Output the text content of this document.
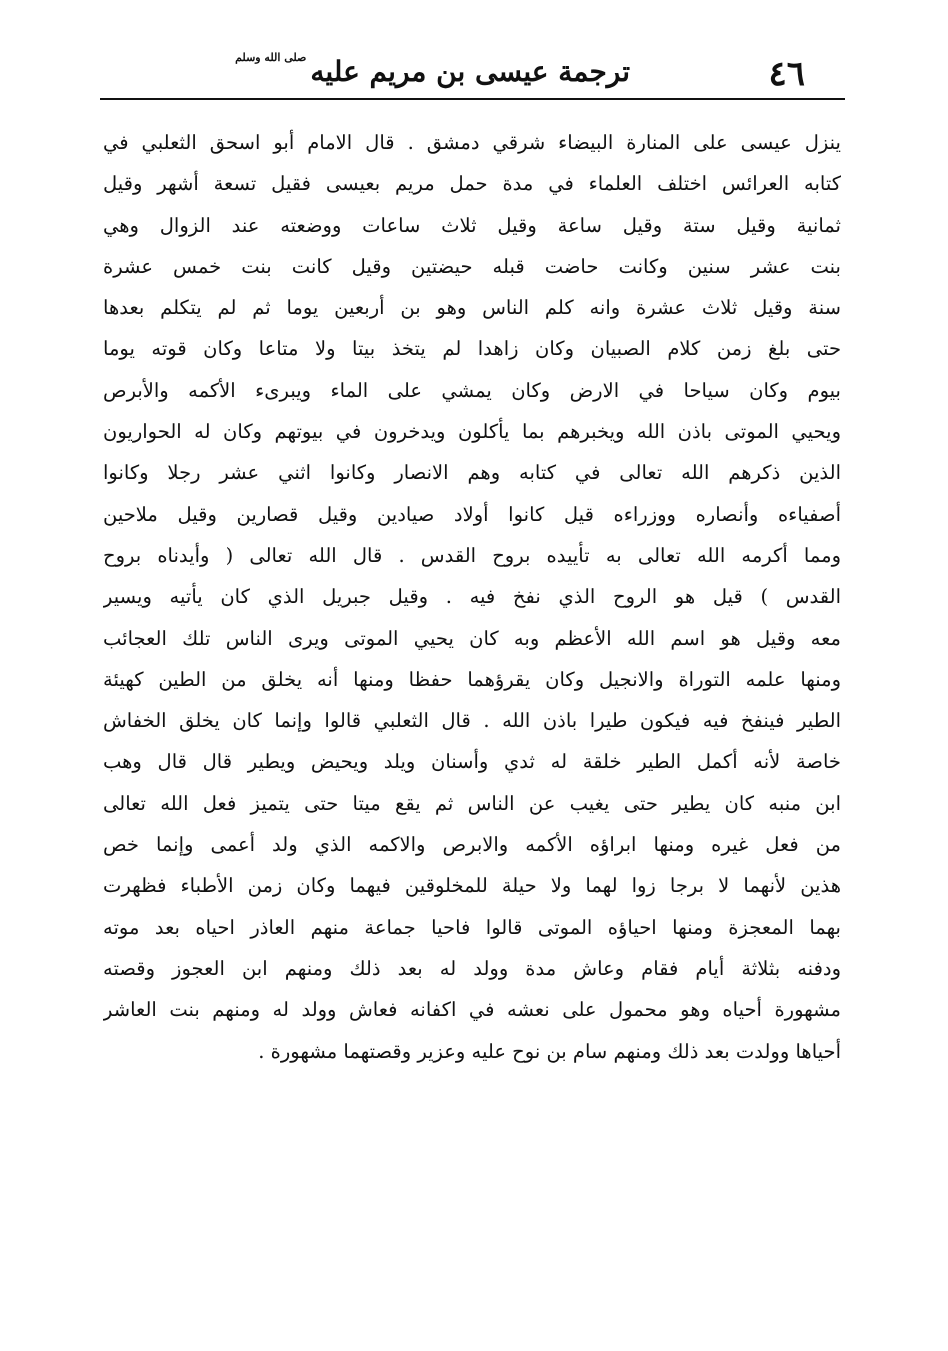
٤٦
ترجمة عيسى بن مريم عليهصلى الله وسلم
ينزل عيسى على المنارة البيضاء شرقي دمشق . قال الامام أبو اسحق الثعلبي في
كتابه العرائس اختلف العلماء في مدة حمل مريم بعيسى فقيل تسعة أشهر وقيل
ثمانية وقيل ستة وقيل ساعة وقيل ثلاث ساعات ووضعته عند الزوال وهي
بنت عشر سنين وكانت حاضت قبله حيضتين وقيل كانت بنت خمس عشرة
سنة وقيل ثلاث عشرة وانه كلم الناس وهو بن أربعين يوما ثم لم يتكلم بعدها
حتى بلغ زمن كلام الصبيان وكان زاهدا لم يتخذ بيتا ولا متاعا وكان قوته يوما
بيوم وكان سياحا في الارض وكان يمشي على الماء ويبرىء الأكمه والأبرص
ويحيي الموتى باذن الله ويخبرهم بما يأكلون ويدخرون في بيوتهم وكان له الحواريون
الذين ذكرهم الله تعالى في كتابه وهم الانصار وكانوا اثني عشر رجلا وكانوا
أصفياءه وأنصاره ووزراءه قيل كانوا أولاد صيادين وقيل قصارين وقيل ملاحين
ومما أكرمه الله تعالى به تأييده بروح القدس . قال الله تعالى ( وأيدناه بروح
القدس ) قيل هو الروح الذي نفخ فيه . وقيل جبريل الذي كان يأتيه ويسير
معه وقيل هو اسم الله الأعظم وبه كان يحيي الموتى ويرى الناس تلك العجائب
ومنها علمه التوراة والانجيل وكان يقرؤهما حفظا ومنها أنه يخلق من الطين كهيئة
الطير فينفخ فيه فيكون طيرا باذن الله . قال الثعلبي قالوا وإنما كان يخلق الخفاش
خاصة لأنه أكمل الطير خلقة له ثدي وأسنان ويلد ويحيض ويطير قال قال وهب
ابن منبه كان يطير حتى يغيب عن الناس ثم يقع ميتا حتى يتميز فعل الله تعالى
من فعل غيره ومنها ابراؤه الأكمه والابرص والاكمه الذي ولد أعمى وإنما خص
هذين لأنهما لا برجا زوا لهما ولا حيلة للمخلوقين فيهما وكان زمن الأطباء فظهرت
بهما المعجزة ومنها احياؤه الموتى قالوا فاحيا جماعة منهم العاذر احياه بعد موته
ودفنه بثلاثة أيام فقام وعاش مدة وولد له بعد ذلك ومنهم ابن العجوز وقصته
مشهورة أحياه وهو محمول على نعشه في اكفانه فعاش وولد له ومنهم بنت العاشر
أحياها وولدت بعد ذلك ومنهم سام بن نوح عليه وعزير وقصتهما مشهورة .
